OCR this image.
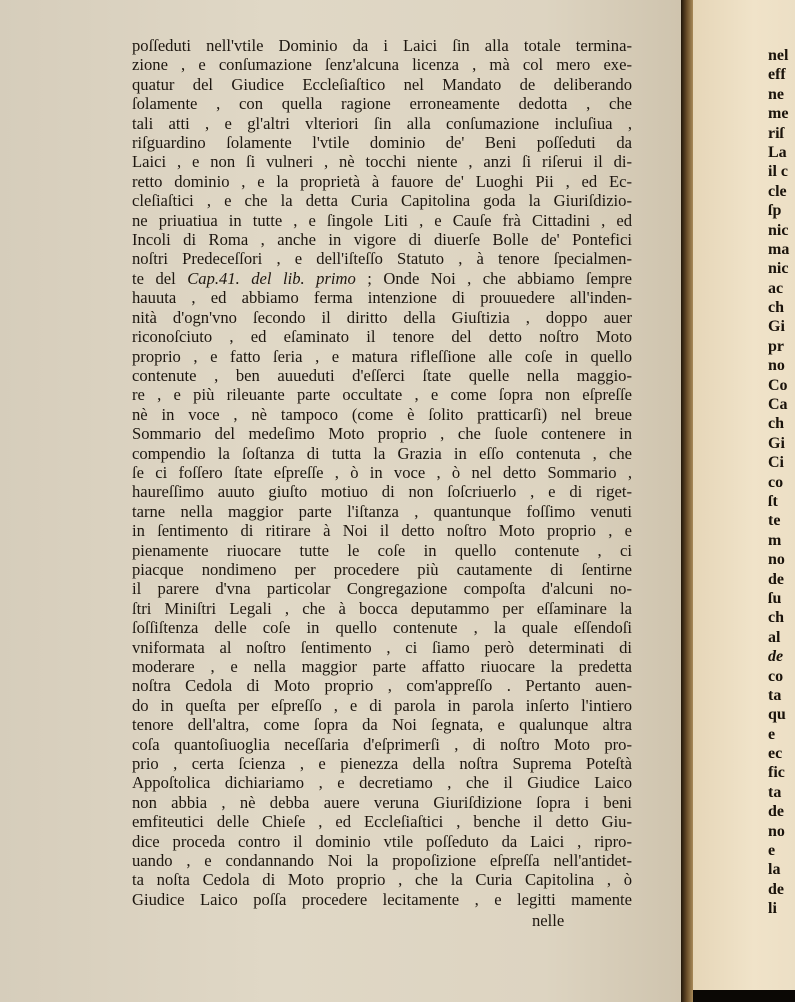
poſſeduti nell'vtile Dominio da i Laici ſin alla totale termina-
zione , e conſumazione ſenz'alcuna licenza , mà col mero exe-
quatur del Giudice Eccleſiaſtico nel Mandato de deliberando
ſolamente , con quella ragione erroneamente dedotta , che
tali atti , e gl'altri vlteriori ſin alla conſumazione incluſiua ,
riſguardino ſolamente l'vtile dominio de' Beni poſſeduti da
Laici , e non ſi vulneri , nè tocchi niente , anzi ſi riſerui il di-
retto dominio , e la proprietà à fauore de' Luoghi Pii , ed Ec-
cleſiaſtici , e che la detta Curia Capitolina goda la Giuriſdizio-
ne priuatiua in tutte , e ſingole Liti , e Cauſe frà Cittadini , ed
Incoli di Roma , anche in vigore di diuerſe Bolle de' Pontefici
noſtri Predeceſſori , e dell'iſteſſo Statuto , à tenore ſpecialmen-
te del Cap.41. del lib. primo ; Onde Noi , che abbiamo ſempre
hauuta , ed abbiamo ferma intenzione di prouuedere all'inden-
nità d'ogn'vno ſecondo il diritto della Giuſtizia , doppo auer
riconoſciuto , ed eſaminato il tenore del detto noſtro Moto
proprio , e fatto ſeria , e matura rifleſſione alle coſe in quello
contenute , ben auueduti d'eſſerci ſtate quelle nella maggio-
re , e più rileuante parte occultate , e come ſopra non eſpreſſe
nè in voce , nè tampoco (come è ſolito pratticarſi) nel breue
Sommario del medeſimo Moto proprio , che ſuole contenere in
compendio la ſoſtanza di tutta la Grazia in eſſo contenuta , che
ſe ci foſſero ſtate eſpreſſe , ò in voce , ò nel detto Sommario ,
haureſſimo auuto giuſto motiuo di non ſoſcriuerlo , e di riget-
tarne nella maggior parte l'iſtanza , quantunque foſſimo venuti
in ſentimento di ritirare à Noi il detto noſtro Moto proprio , e
pienamente riuocare tutte le coſe in quello contenute , ci
piacque nondimeno per procedere più cautamente di ſentirne
il parere d'vna particolar Congregazione compoſta d'alcuni no-
ſtri Miniſtri Legali , che à bocca deputammo per eſſaminare la
ſoſſiſtenza delle coſe in quello contenute , la quale eſſendoſi
vniformata al noſtro ſentimento , ci ſiamo però determinati di
moderare , e nella maggior parte affatto riuocare la predetta
noſtra Cedola di Moto proprio , com'appreſſo . Pertanto auen-
do in queſta per eſpreſſo , e di parola in parola inſerto l'intiero
tenore dell'altra, come ſopra da Noi ſegnata, e qualunque altra
coſa quantoſiuoglia neceſſaria d'eſprimerſi , di noſtro Moto pro-
prio , certa ſcienza , e pienezza della noſtra Suprema Poteſtà
Appoſtolica dichiariamo , e decretiamo , che il Giudice Laico
non abbia , nè debba auere veruna Giuriſdizione ſopra i beni
emfiteutici delle Chieſe , ed Eccleſiaſtici , benche il detto Giu-
dice proceda contro il dominio vtile poſſeduto da Laici , ripro-
uando , e condannando Noi la propoſizione eſpreſſa nell'antidet-
ta noſta Cedola di Moto proprio , che la Curia Capitolina , ò
Giudice Laico poſſa procedere lecitamente , e legitti mamente
nelle
nel
eff
ne
me
riſ
La
il c
cle
ſp
nic
ma
nic
ac
ch
Gi
pr
no
Co
Ca
ch
Gi
Ci
co
ſt
te
m
no
de
ſu
ch
al
de
co
ta
qu
e
ec
fic
ta
de
no
e
la
de
li
